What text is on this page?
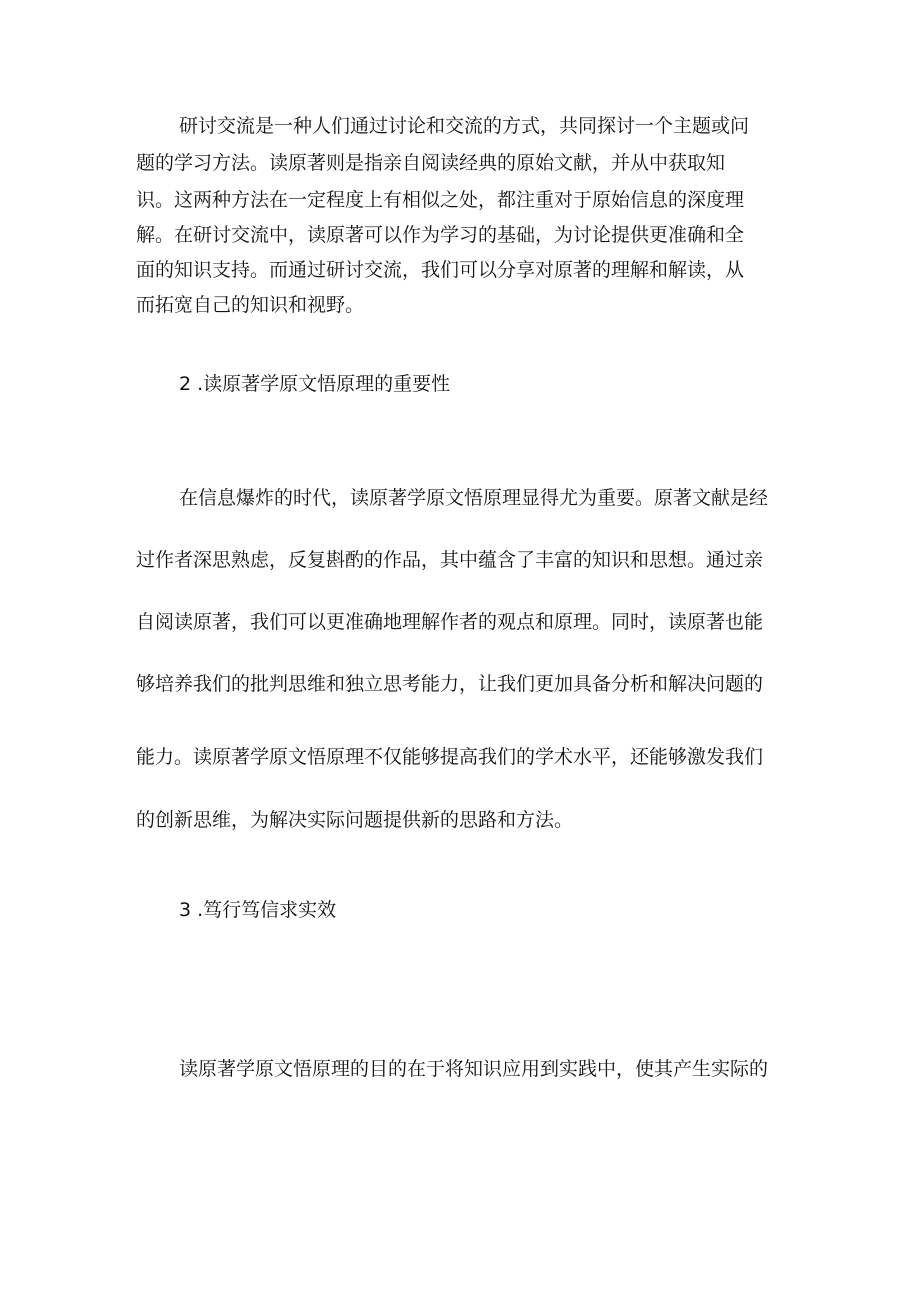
研讨交流是一种人们通过讨论和交流的方式，共同探讨一个主题或问
题的学习方法。读原著则是指亲自阅读经典的原始文献，并从中获取知
识。这两种方法在一定程度上有相似之处，都注重对于原始信息的深度理
解。在研讨交流中，读原著可以作为学习的基础，为讨论提供更准确和全
面的知识支持。而通过研讨交流，我们可以分享对原著的理解和解读，从
而拓宽自己的知识和视野。
2 .读原著学原文悟原理的重要性
在信息爆炸的时代，读原著学原文悟原理显得尤为重要。原著文献是经
过作者深思熟虑，反复斟酌的作品，其中蕴含了丰富的知识和思想。通过亲
自阅读原著，我们可以更准确地理解作者的观点和原理。同时，读原著也能
够培养我们的批判思维和独立思考能力，让我们更加具备分析和解决问题的
能力。读原著学原文悟原理不仅能够提高我们的学术水平，还能够激发我们
的创新思维，为解决实际问题提供新的思路和方法。
3 .笃行笃信求实效
读原著学原文悟原理的目的在于将知识应用到实践中，使其产生实际的
